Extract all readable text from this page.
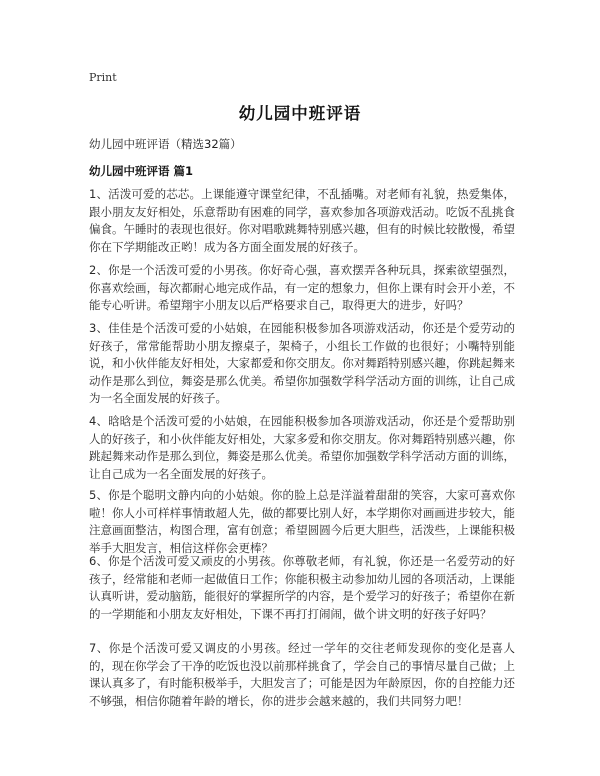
Print
幼儿园中班评语
幼儿园中班评语（精选32篇）
幼儿园中班评语 篇1
1、活泼可爱的芯芯。上课能遵守课堂纪律，不乱插嘴。对老师有礼貌，热爱集体，跟小朋友友好相处，乐意帮助有困难的同学，喜欢参加各项游戏活动。吃饭不乱挑食偏食。午睡时的表现也很好。你对唱歌跳舞特别感兴趣，但有的时候比较散慢，希望你在下学期能改正哟！成为各方面全面发展的好孩子。
2、你是一个活泼可爱的小男孩。你好奇心强，喜欢摆弄各种玩具，探索欲望强烈，你喜欢绘画，每次都耐心地完成作品，有一定的想象力，但你上课有时会开小差，不能专心听讲。希望翔宇小朋友以后严格要求自己，取得更大的进步，好吗？
3、佳佳是个活泼可爱的小姑娘，在园能积极参加各项游戏活动，你还是个爱劳动的好孩子，常常能帮助小朋友擦桌子，架椅子，小组长工作做的也很好；小嘴特别能说，和小伙伴能友好相处，大家都爱和你交朋友。你对舞蹈特别感兴趣，你跳起舞来动作是那么到位，舞姿是那么优美。希望你加强数学科学活动方面的训练，让自己成为一名全面发展的好孩子。
4、晗晗是个活泼可爱的小姑娘，在园能积极参加各项游戏活动，你还是个爱帮助别人的好孩子，和小伙伴能友好相处，大家多爱和你交朋友。你对舞蹈特别感兴趣，你跳起舞来动作是那么到位，舞姿是那么优美。希望你加强数学科学活动方面的训练，让自己成为一名全面发展的好孩子。
5、你是个聪明文静内向的小姑娘。你的脸上总是洋溢着甜甜的笑容，大家可喜欢你啦！你人小可样样事情敢超人先，做的都要比别人好，本学期你对画画进步较大，能注意画面整洁，构图合理，富有创意；希望圆圆今后更大胆些，活泼些，上课能积极举手大胆发言，相信这样你会更棒？
6、你是个活泼可爱又顽皮的小男孩。你尊敬老师，有礼貌，你还是一名爱劳动的好孩子，经常能和老师一起做值日工作；你能积极主动参加幼儿园的各项活动，上课能认真听讲，爱动脑筋，能很好的掌握所学的内容，是个爱学习的好孩子；希望你在新的一学期能和小朋友友好相处，下课不再打打闹闹，做个讲文明的好孩子好吗？
7、你是个活泼可爱又调皮的小男孩。经过一学年的交往老师发现你的变化是喜人的，现在你学会了干净的吃饭也没以前那样挑食了，学会自己的事情尽量自己做；上课认真多了，有时能积极举手，大胆发言了；可能是因为年龄原因，你的自控能力还不够强，相信你随着年龄的增长，你的进步会越来越的，我们共同努力吧！
